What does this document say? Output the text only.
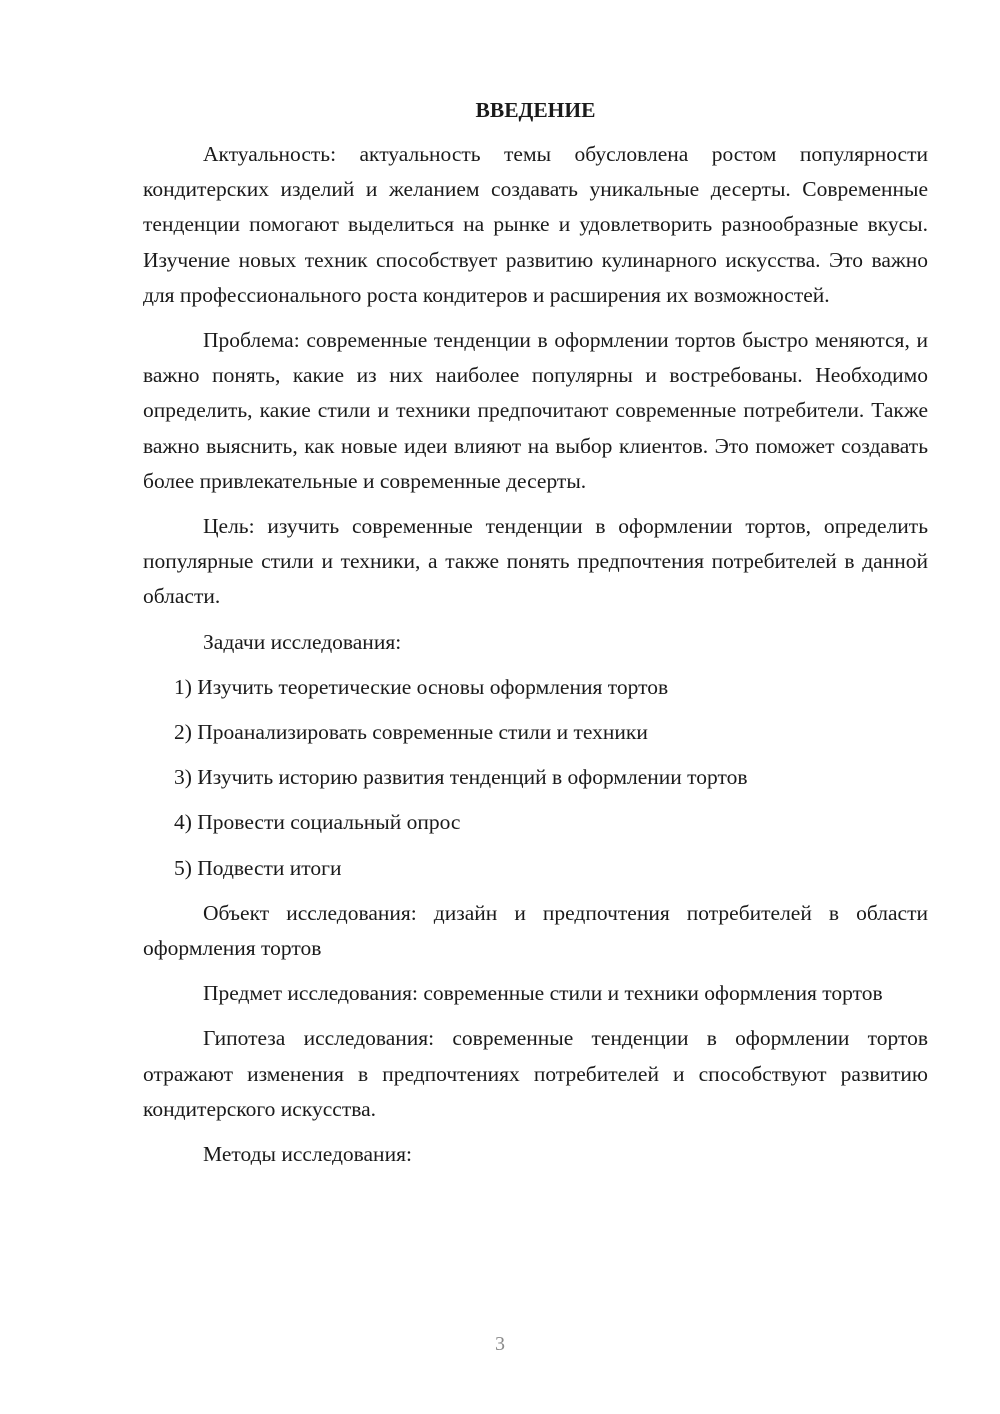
ВВЕДЕНИЕ

Актуальность: актуальность темы обусловлена ростом популярности кондитерских изделий и желанием создавать уникальные десерты. Современные тенденции помогают выделиться на рынке и удовлетворить разнообразные вкусы. Изучение новых техник способствует развитию кулинарного искусства. Это важно для профессионального роста кондитеров и расширения их возможностей.

Проблема: современные тенденции в оформлении тортов быстро меняются, и важно понять, какие из них наиболее популярны и востребованы. Необходимо определить, какие стили и техники предпочитают современные потребители. Также важно выяснить, как новые идеи влияют на выбор клиентов. Это поможет создавать более привлекательные и современные десерты.

Цель: изучить современные тенденции в оформлении тортов, определить популярные стили и техники, а также понять предпочтения потребителей в данной области.

Задачи исследования:

1) Изучить теоретические основы оформления тортов
2) Проанализировать современные стили и техники
3) Изучить историю развития тенденций в оформлении тортов
4) Провести социальный опрос
5) Подвести итоги

Объект исследования: дизайн и предпочтения потребителей в области оформления тортов

Предмет исследования: современные стили и техники оформления тортов

Гипотеза исследования: современные тенденции в оформлении тортов отражают изменения в предпочтениях потребителей и способствуют развитию кондитерского искусства.

Методы исследования:

3
